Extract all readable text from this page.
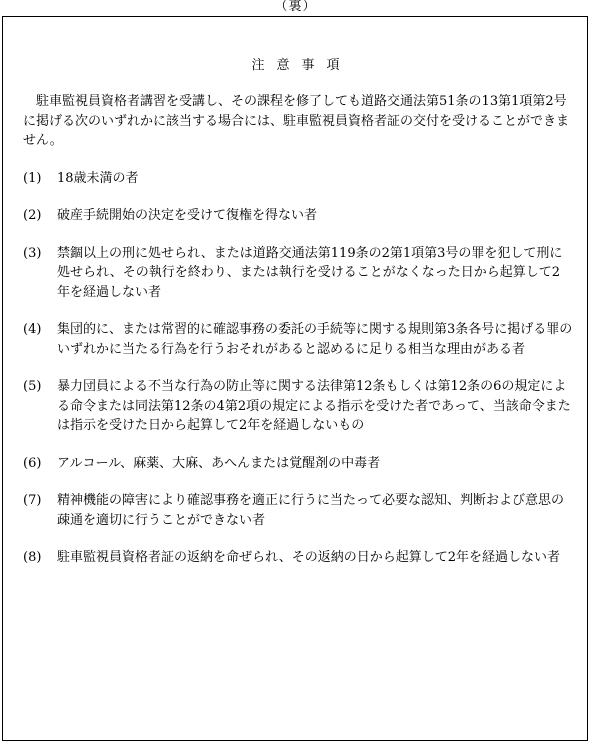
（裏）
注意事項

駐車監視員資格者講習を受講し、その課程を修了しても道路交通法第51条の13第1項第2号に掲げる次のいずれかに該当する場合には、駐車監視員資格者証の交付を受けることができません。

(1)	18歳未満の者
(2)	破産手続開始の決定を受けて復権を得ない者
(3)	禁錮以上の刑に処せられ、または道路交通法第119条の2第1項第3号の罪を犯して刑に処せられ、その執行を終わり、または執行を受けることがなくなった日から起算して2年を経過しない者
(4)	集団的に、または常習的に確認事務の委託の手続等に関する規則第3条各号に掲げる罪のいずれかに当たる行為を行うおそれがあると認めるに足りる相当な理由がある者
(5)	暴力団員による不当な行為の防止等に関する法律第12条もしくは第12条の6の規定による命令または同法第12条の4第2項の規定による指示を受けた者であって、当該命令または指示を受けた日から起算して2年を経過しないもの
(6)	アルコール、麻薬、大麻、あへんまたは覚醒剤の中毒者
(7)	精神機能の障害により確認事務を適正に行うに当たって必要な認知、判断および意思の疎通を適切に行うことができない者
(8)	駐車監視員資格者証の返納を命ぜられ、その返納の日から起算して2年を経過しない者
